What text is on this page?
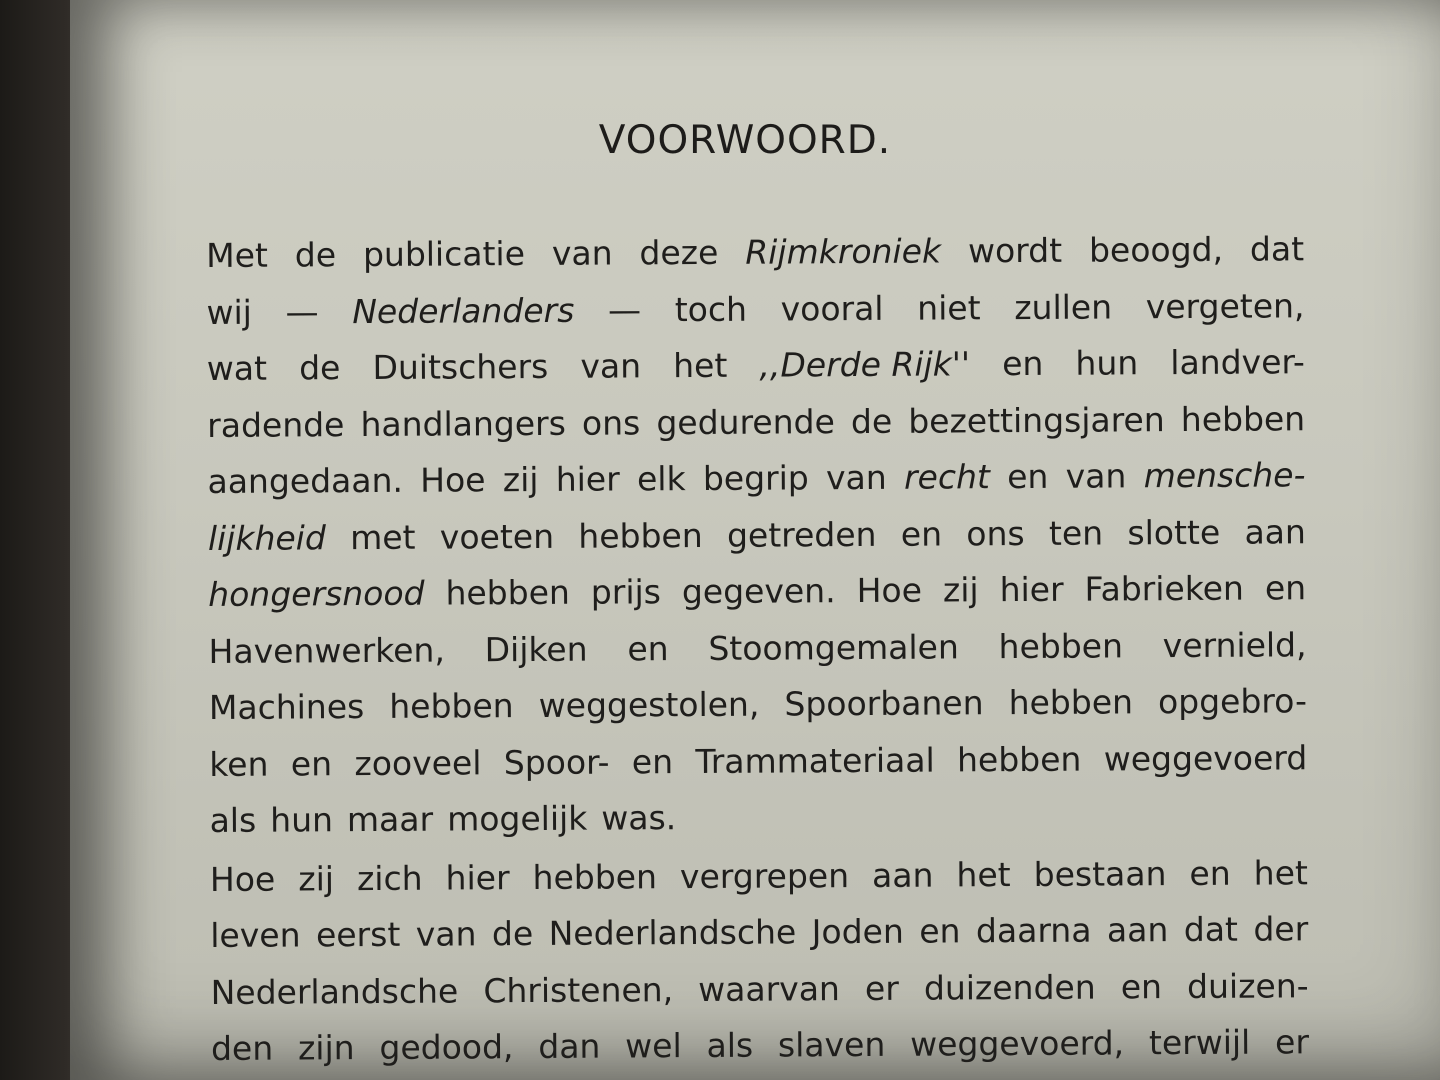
VOORWOORD.
Met de publicatie van deze Rijmkroniek wordt beoogd, dat
wij — Nederlanders — toch vooral niet zullen vergeten,
wat de Duitschers van het ,,Derde Rijk'' en hun landver-
radende handlangers ons gedurende de bezettingsjaren hebben
aangedaan. Hoe zij hier elk begrip van recht en van mensche-
lijkheid met voeten hebben getreden en ons ten slotte aan
hongersnood hebben prijs gegeven. Hoe zij hier Fabrieken en
Havenwerken, Dijken en Stoomgemalen hebben vernield,
Machines hebben weggestolen, Spoorbanen hebben opgebro-
ken en zooveel Spoor- en Trammateriaal hebben weggevoerd
als hun maar mogelijk was.
Hoe zij zich hier hebben vergrepen aan het bestaan en het
leven eerst van de Nederlandsche Joden en daarna aan dat der
Nederlandsche Christenen, waarvan er duizenden en duizen-
den zijn gedood, dan wel als slaven weggevoerd, terwijl er
